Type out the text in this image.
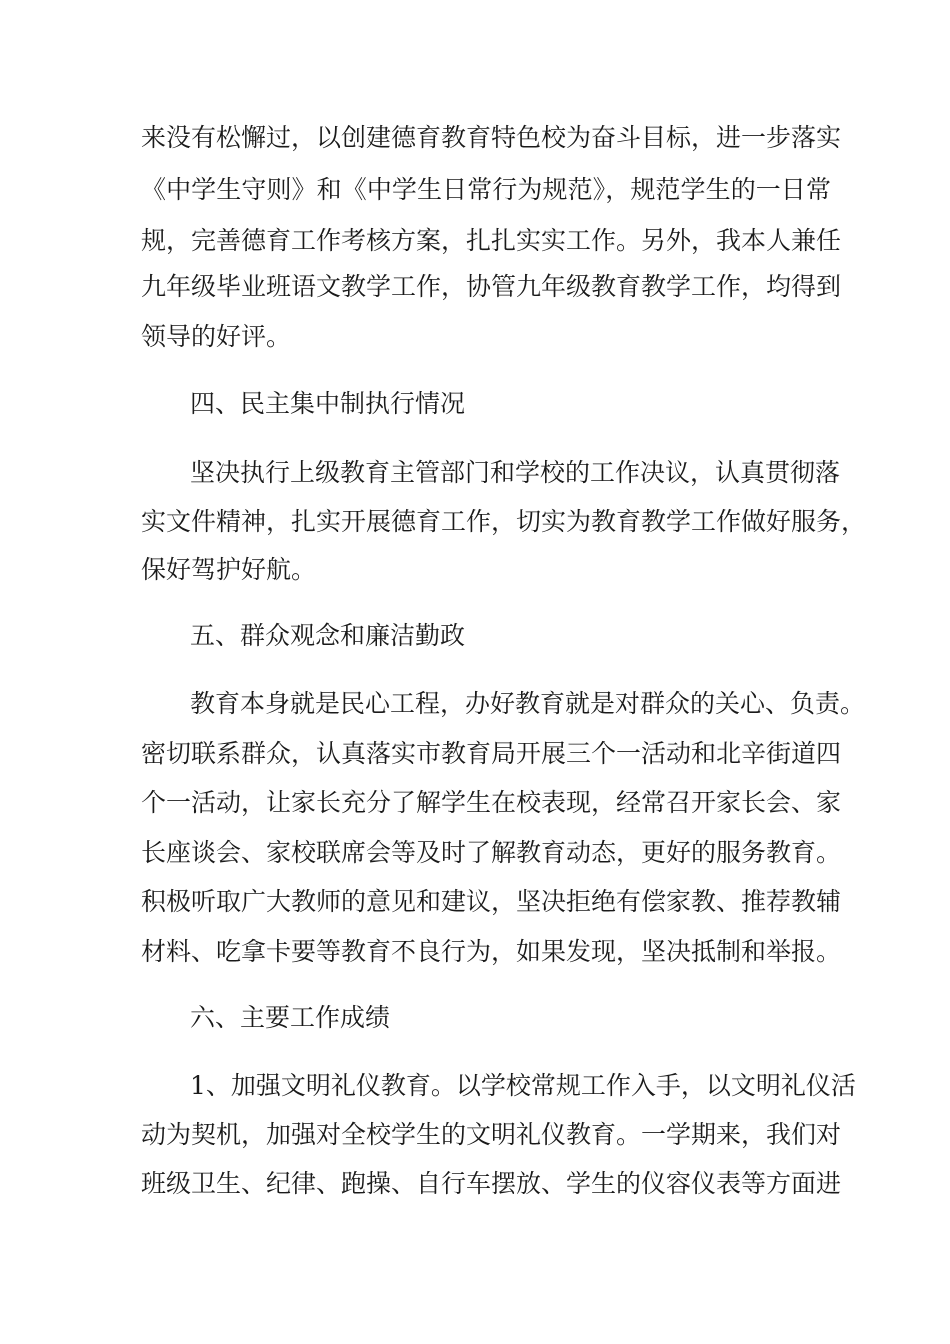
来没有松懈过，以创建德育教育特色校为奋斗目标，进一步落实
《中学生守则》和《中学生日常行为规范》，规范学生的一日常
规，完善德育工作考核方案，扎扎实实工作。另外，我本人兼任
九年级毕业班语文教学工作，协管九年级教育教学工作，均得到
领导的好评。
四、民主集中制执行情况
坚决执行上级教育主管部门和学校的工作决议，认真贯彻落
实文件精神，扎实开展德育工作，切实为教育教学工作做好服务，
保好驾护好航。
五、群众观念和廉洁勤政
教育本身就是民心工程，办好教育就是对群众的关心、负责。
密切联系群众，认真落实市教育局开展三个一活动和北辛街道四
个一活动，让家长充分了解学生在校表现，经常召开家长会、家
长座谈会、家校联席会等及时了解教育动态，更好的服务教育。
积极听取广大教师的意见和建议，坚决拒绝有偿家教、推荐教辅
材料、吃拿卡要等教育不良行为，如果发现，坚决抵制和举报。
六、主要工作成绩
1、加强文明礼仪教育。以学校常规工作入手，以文明礼仪活
动为契机，加强对全校学生的文明礼仪教育。一学期来，我们对
班级卫生、纪律、跑操、自行车摆放、学生的仪容仪表等方面进
